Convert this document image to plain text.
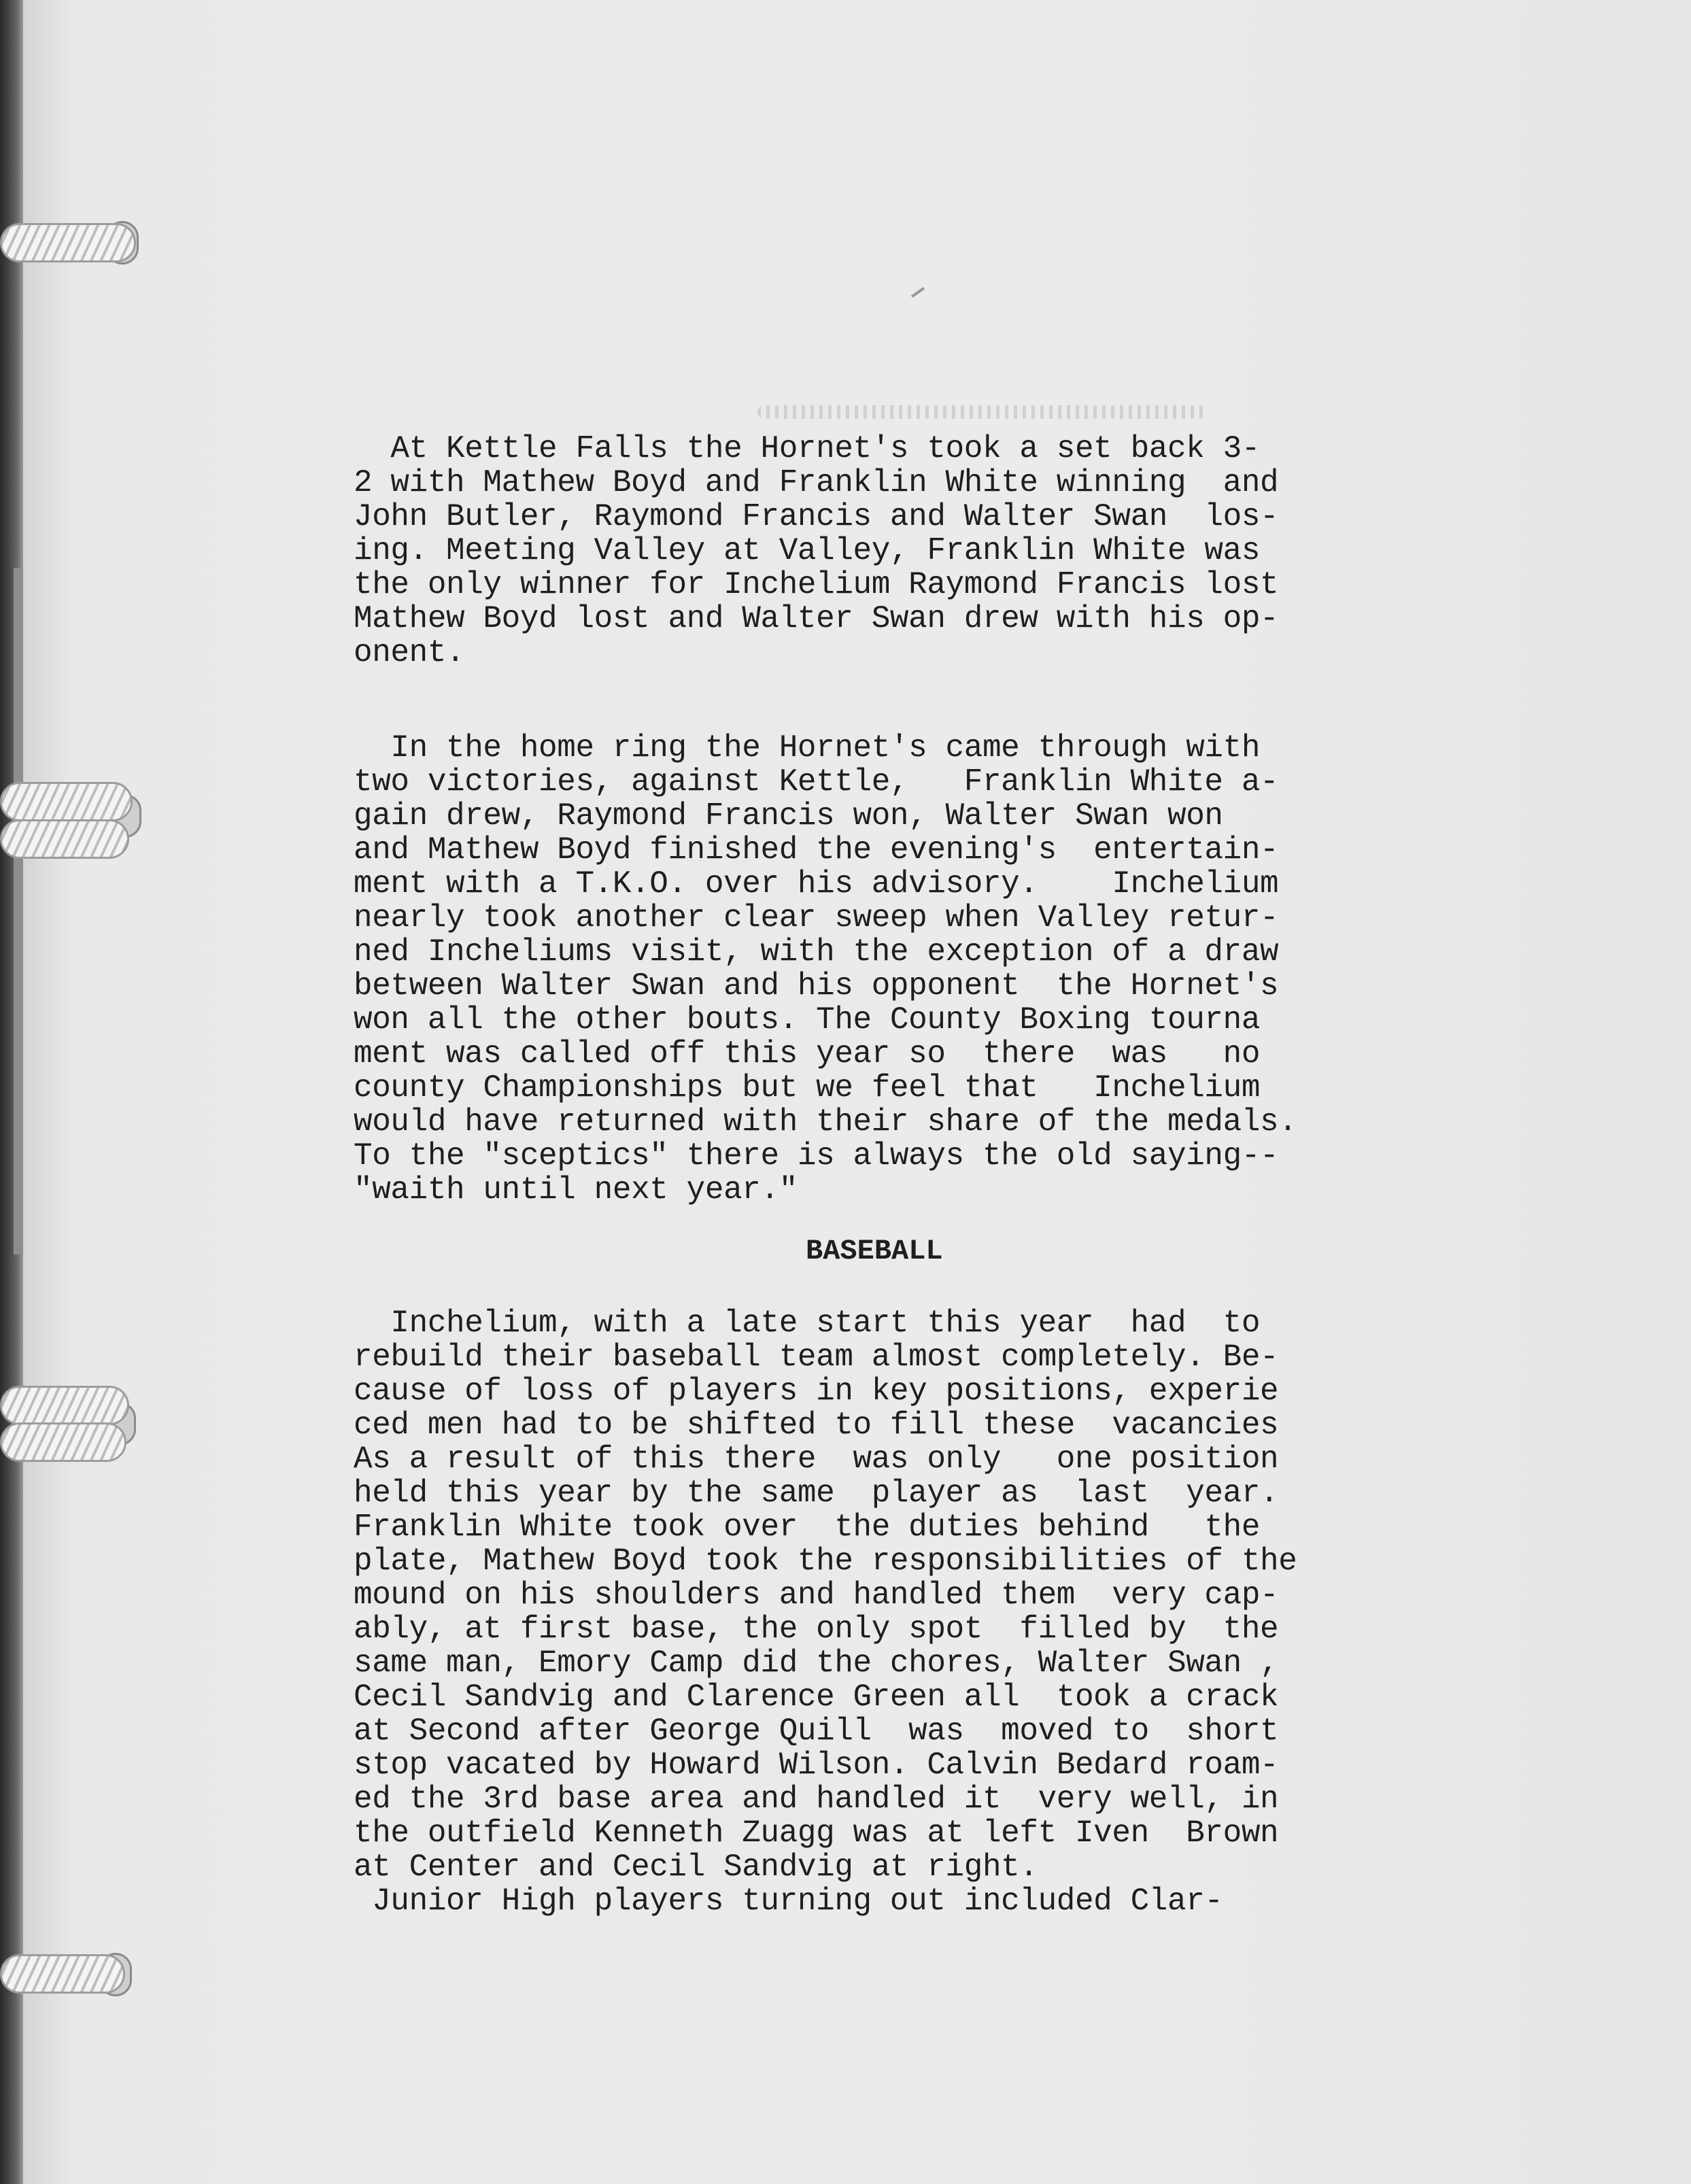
At Kettle Falls the Hornet's took a set back 3-
2 with Mathew Boyd and Franklin White winning  and
John Butler, Raymond Francis and Walter Swan  los-
ing. Meeting Valley at Valley, Franklin White was
the only winner for Inchelium Raymond Francis lost
Mathew Boyd lost and Walter Swan drew with his op-
onent.
In the home ring the Hornet's came through with
two victories, against Kettle,   Franklin White a-
gain drew, Raymond Francis won, Walter Swan won
and Mathew Boyd finished the evening's  entertain-
ment with a T.K.O. over his advisory.    Inchelium
nearly took another clear sweep when Valley retur-
ned Incheliums visit, with the exception of a draw
between Walter Swan and his opponent  the Hornet's
won all the other bouts. The County Boxing tourna
ment was called off this year so  there  was   no
county Championships but we feel that   Inchelium
would have returned with their share of the medals.
To the "sceptics" there is always the old saying--
"waith until next year."
BASEBALL
Inchelium, with a late start this year  had  to
rebuild their baseball team almost completely. Be-
cause of loss of players in key positions, experie
ced men had to be shifted to fill these  vacancies
As a result of this there  was only   one position
held this year by the same  player as  last  year.
Franklin White took over  the duties behind   the
plate, Mathew Boyd took the responsibilities of the
mound on his shoulders and handled them  very cap-
ably, at first base, the only spot  filled by  the
same man, Emory Camp did the chores, Walter Swan ,
Cecil Sandvig and Clarence Green all  took a crack
at Second after George Quill  was  moved to  short
stop vacated by Howard Wilson. Calvin Bedard roam-
ed the 3rd base area and handled it  very well, in
the outfield Kenneth Zuagg was at left Iven  Brown
at Center and Cecil Sandvig at right.
Junior High players turning out included Clar-
